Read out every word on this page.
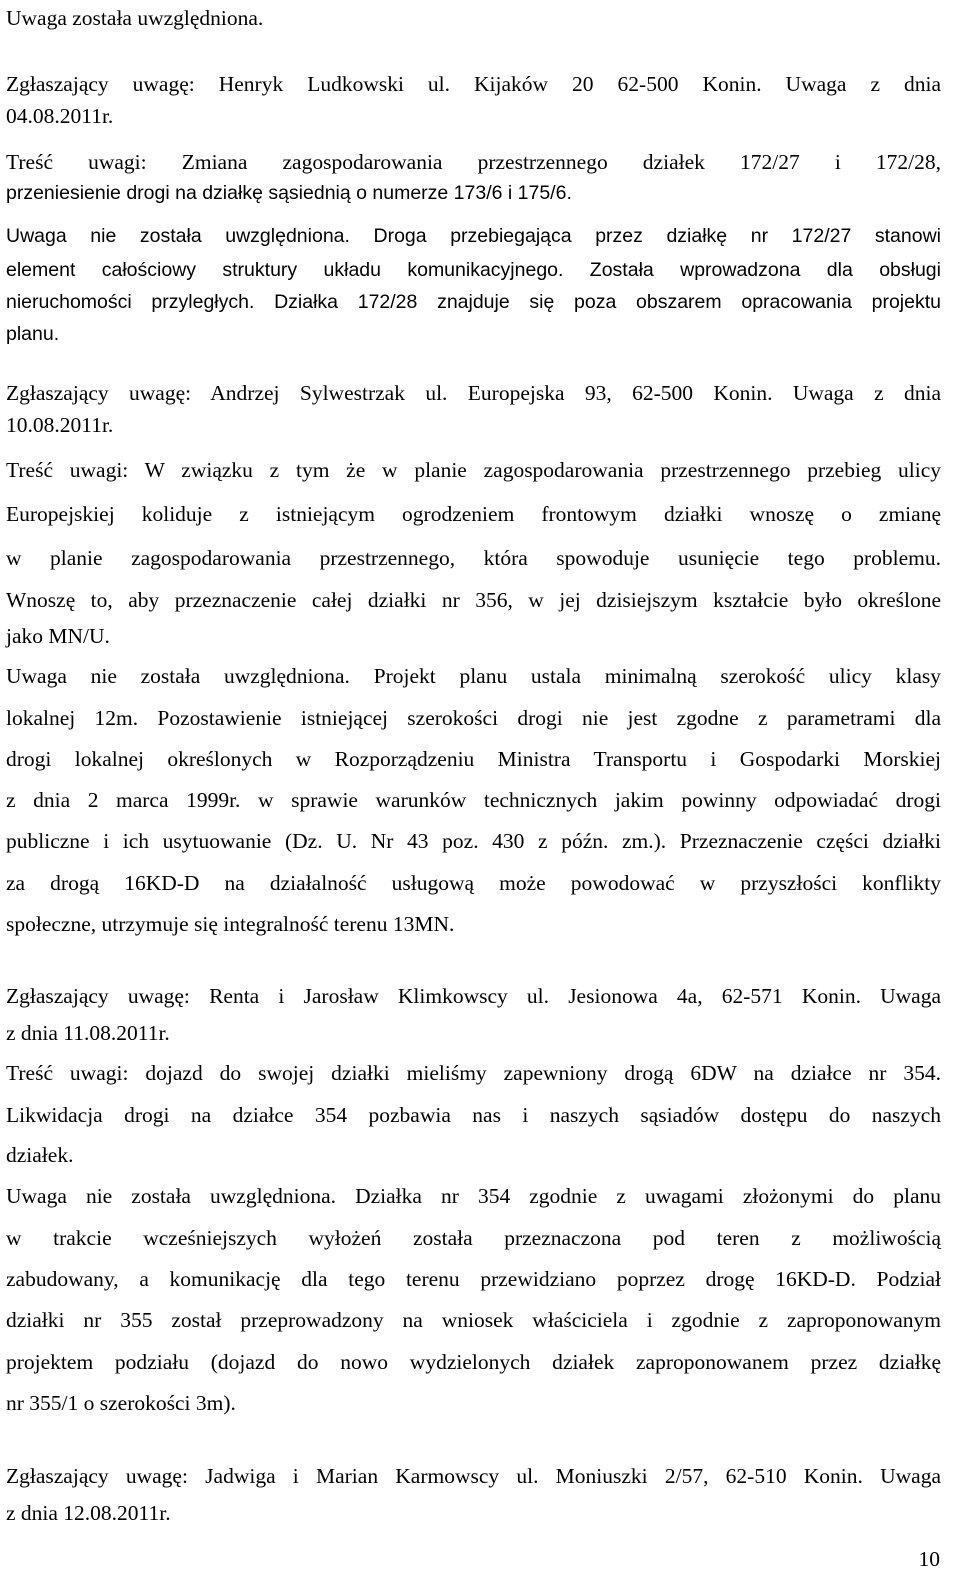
Uwaga została uwzględniona.
Zgłaszający uwagę: Henryk Ludkowski ul. Kijaków 20 62-500 Konin. Uwaga z dnia
04.08.2011r.
Treść uwagi: Zmiana zagospodarowania przestrzennego działek 172/27 i 172/28,
przeniesienie drogi na działkę sąsiednią o numerze 173/6 i 175/6.
Uwaga nie została uwzględniona. Droga przebiegająca przez działkę nr 172/27 stanowi
element całościowy struktury układu komunikacyjnego. Została wprowadzona dla obsługi
nieruchomości przyległych. Działka 172/28 znajduje się poza obszarem opracowania projektu
planu.
Zgłaszający uwagę: Andrzej Sylwestrzak ul. Europejska 93, 62-500 Konin. Uwaga z dnia
10.08.2011r.
Treść uwagi: W związku z tym że w planie zagospodarowania przestrzennego przebieg ulicy
Europejskiej koliduje z istniejącym ogrodzeniem frontowym działki wnoszę o zmianę
w planie zagospodarowania przestrzennego, która spowoduje usunięcie tego problemu.
Wnoszę to, aby przeznaczenie całej działki nr 356, w jej dzisiejszym kształcie było określone
jako MN/U.
Uwaga nie została uwzględniona. Projekt planu ustala minimalną szerokość ulicy klasy
lokalnej 12m. Pozostawienie istniejącej szerokości drogi nie jest zgodne z parametrami dla
drogi lokalnej określonych w Rozporządzeniu Ministra Transportu i Gospodarki Morskiej
z dnia 2 marca 1999r. w sprawie warunków technicznych jakim powinny odpowiadać drogi
publiczne i ich usytuowanie (Dz. U. Nr 43 poz. 430 z późn. zm.). Przeznaczenie części działki
za drogą 16KD-D na działalność usługową może powodować w przyszłości konflikty
społeczne, utrzymuje się integralność terenu 13MN.
Zgłaszający uwagę: Renta i Jarosław Klimkowscy ul. Jesionowa 4a, 62-571 Konin. Uwaga
z dnia 11.08.2011r.
Treść uwagi: dojazd do swojej działki mieliśmy zapewniony drogą 6DW na działce nr 354.
Likwidacja drogi na działce 354 pozbawia nas i naszych sąsiadów dostępu do naszych
działek.
Uwaga nie została uwzględniona. Działka nr 354 zgodnie z uwagami złożonymi do planu
w trakcie wcześniejszych wyłożeń została przeznaczona pod teren z możliwością
zabudowany, a komunikację dla tego terenu przewidziano poprzez drogę 16KD-D. Podział
działki nr 355 został przeprowadzony na wniosek właściciela i zgodnie z zaproponowanym
projektem podziału (dojazd do nowo wydzielonych działek zaproponowanem przez działkę
nr 355/1 o szerokości 3m).
Zgłaszający uwagę: Jadwiga i Marian Karmowscy ul. Moniuszki 2/57, 62-510 Konin. Uwaga
z dnia 12.08.2011r.
10
